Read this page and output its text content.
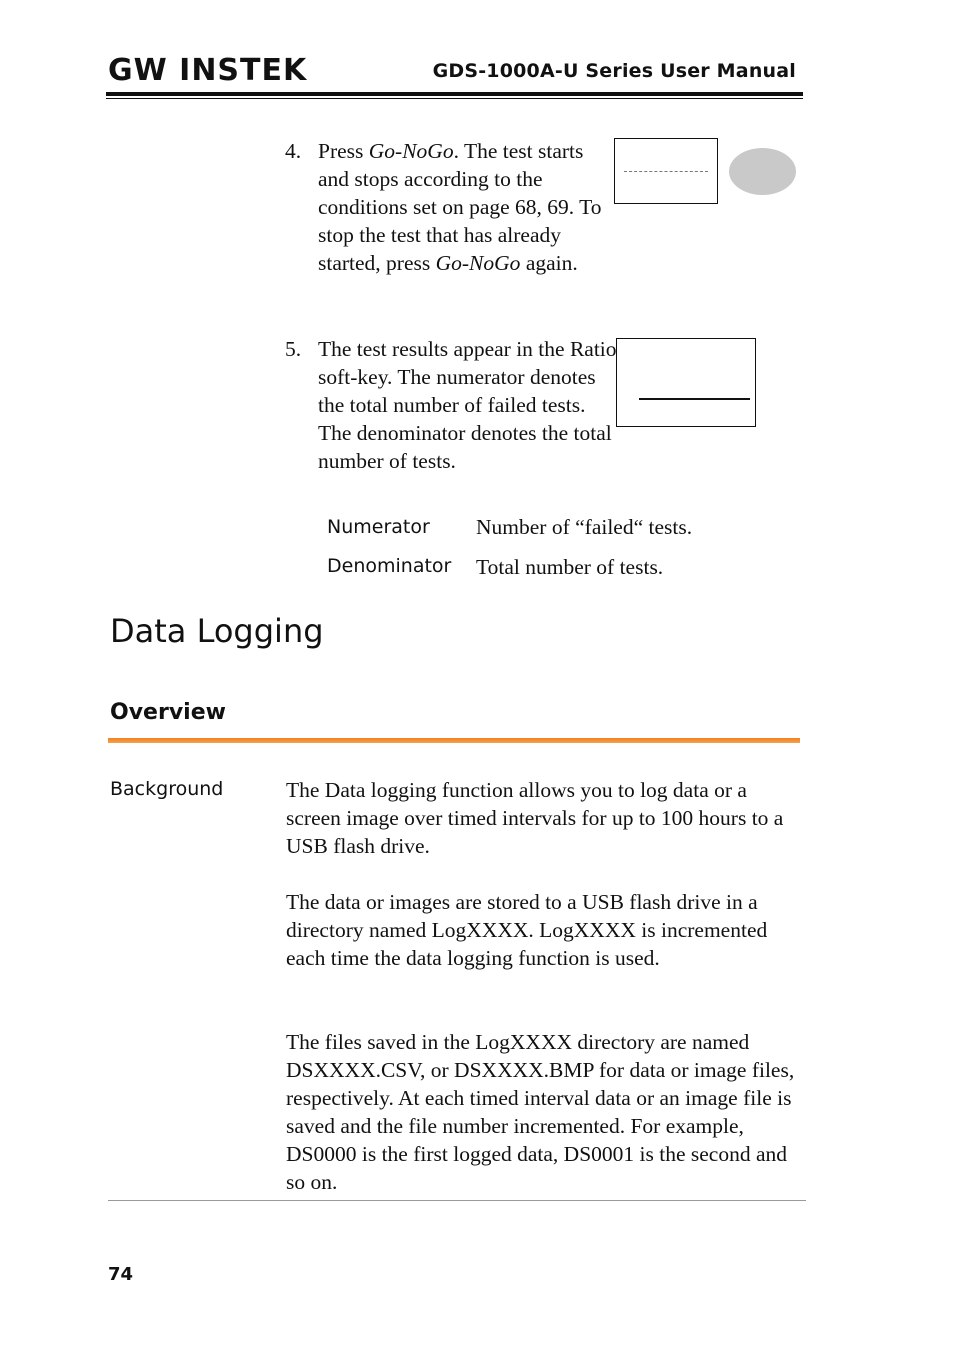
GW INSTEK	GDS-1000A-U Series User Manual
4. Press Go-NoGo. The test starts and stops according to the conditions set on page 68, 69. To stop the test that has already started, press Go-NoGo again.
5. The test results appear in the Ratio soft-key. The numerator denotes the total number of failed tests. The denominator denotes the total number of tests.
Numerator Number of “failed“ tests.
Denominator Total number of tests.
Data Logging
Overview
Background	The Data logging function allows you to log data or a screen image over timed intervals for up to 100 hours to a USB flash drive.

The data or images are stored to a USB flash drive in a directory named LogXXXX. LogXXXX is incremented each time the data logging function is used.

The files saved in the LogXXXX directory are named DSXXXX.CSV, or DSXXXX.BMP for data or image files, respectively. At each timed interval data or an image file is saved and the file number incremented. For example, DS0000 is the first logged data, DS0001 is the second and so on.

74
